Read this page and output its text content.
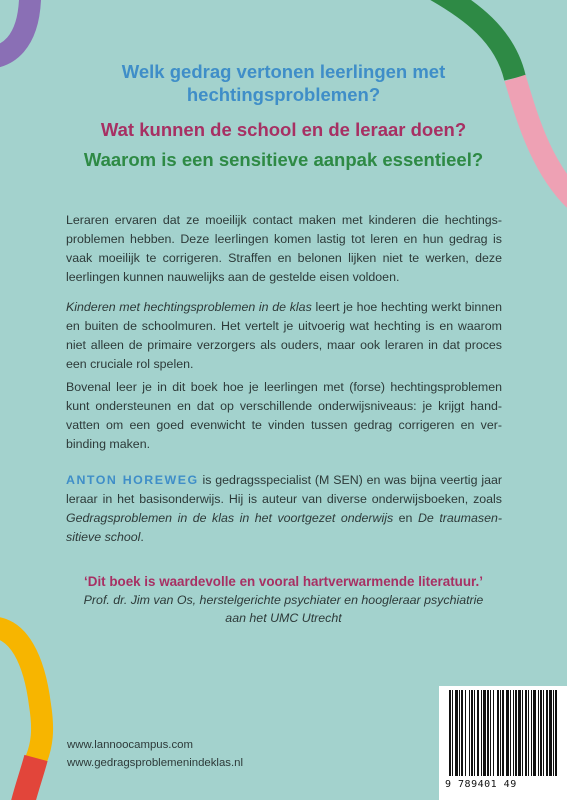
Welk gedrag vertonen leerlingen met
hechtingsproblemen?
Wat kunnen de school en de leraar doen?
Waarom is een sensitieve aanpak essentieel?

Leraren ervaren dat ze moeilijk contact maken met kinderen die hechtingsproblemen hebben. Deze leerlingen komen lastig tot leren en hun gedrag is vaak moeilijk te corrigeren. Straffen en belonen lijken niet te werken, deze leerlingen kunnen nauwelijks aan de gestelde eisen voldoen.

Kinderen met hechtingsproblemen in de klas leert je hoe hechting werkt binnen en buiten de schoolmuren. Het vertelt je uitvoerig wat hechting is en waarom niet alleen de primaire verzorgers als ouders, maar ook leraren in dat proces een cruciale rol spelen.

Bovenal leer je in dit boek hoe je leerlingen met (forse) hechtingsproblemen kunt ondersteunen en dat op verschillende onderwijsniveaus: je krijgt handvatten om een goed evenwicht te vinden tussen gedrag corrigeren en verbinding maken.

ANTON HOREWEG is gedragsspecialist (M SEN) en was bijna veertig jaar leraar in het basisonderwijs. Hij is auteur van diverse onderwijsboeken, zoals Gedragsproblemen in de klas in het voortgezet onderwijs en De traumasensitieve school.

‘Dit boek is waardevolle en vooral hartverwarmende literatuur.’
Prof. dr. Jim van Os, herstelgerichte psychiater en hoogleraar psychiatrie
aan het UMC Utrecht
www.lannoocampus.com
www.gedragsproblemenindeklas.nl
9 789401 49
